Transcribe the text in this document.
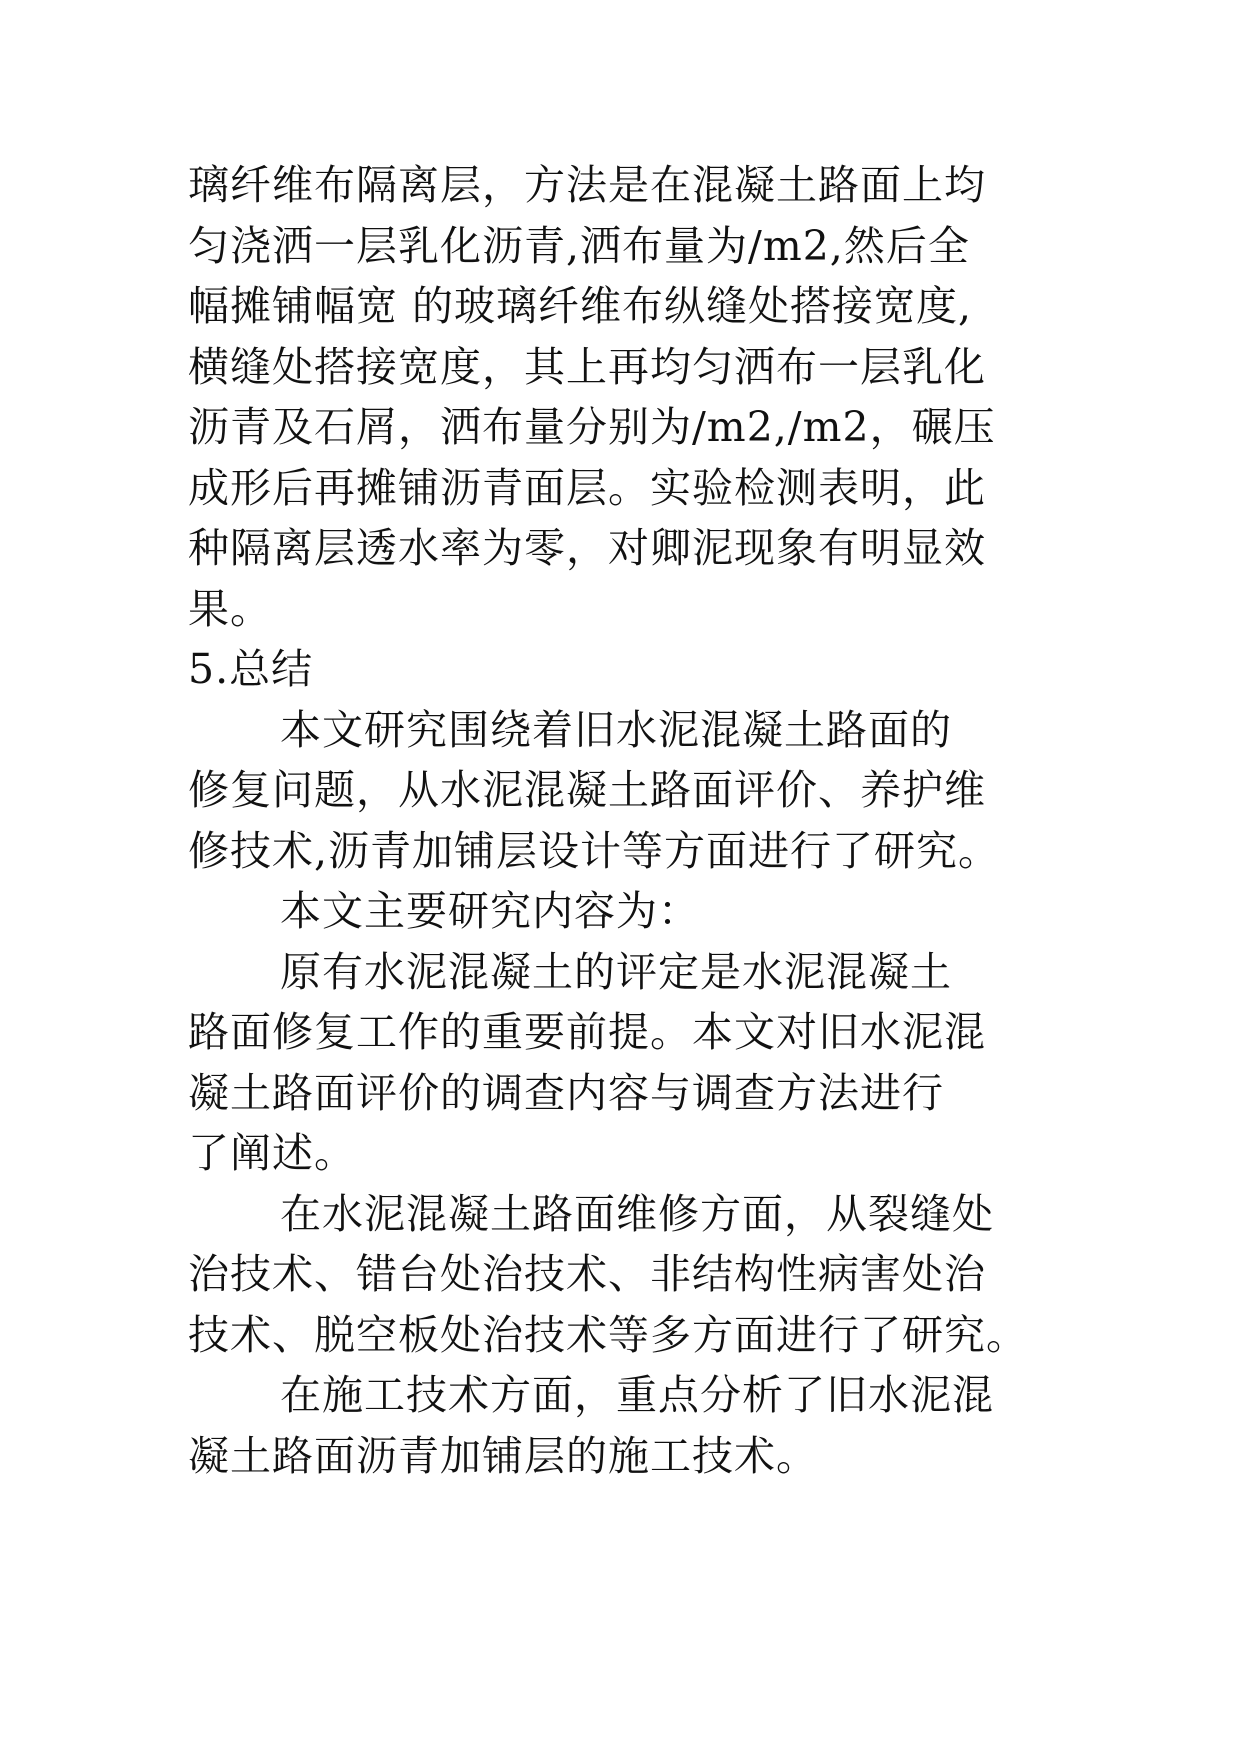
璃纤维布隔离层，方法是在混凝土路面上均
匀浇洒一层乳化沥青,洒布量为/m2,然后全
幅摊铺幅宽 的玻璃纤维布纵缝处搭接宽度,
横缝处搭接宽度，其上再均匀洒布一层乳化
沥青及石屑，洒布量分别为/m2,/m2，碾压
成形后再摊铺沥青面层。实验检测表明，此
种隔离层透水率为零，对卿泥现象有明显效
果。
5.总结
本文研究围绕着旧水泥混凝土路面的
修复问题，从水泥混凝土路面评价、养护维
修技术,沥青加铺层设计等方面进行了研究。
本文主要研究内容为：
原有水泥混凝土的评定是水泥混凝土
路面修复工作的重要前提。本文对旧水泥混
凝土路面评价的调查内容与调查方法进行
了阐述。
在水泥混凝土路面维修方面，从裂缝处
治技术、错台处治技术、非结构性病害处治
技术、脱空板处治技术等多方面进行了研究。
在施工技术方面，重点分析了旧水泥混
凝土路面沥青加铺层的施工技术。
